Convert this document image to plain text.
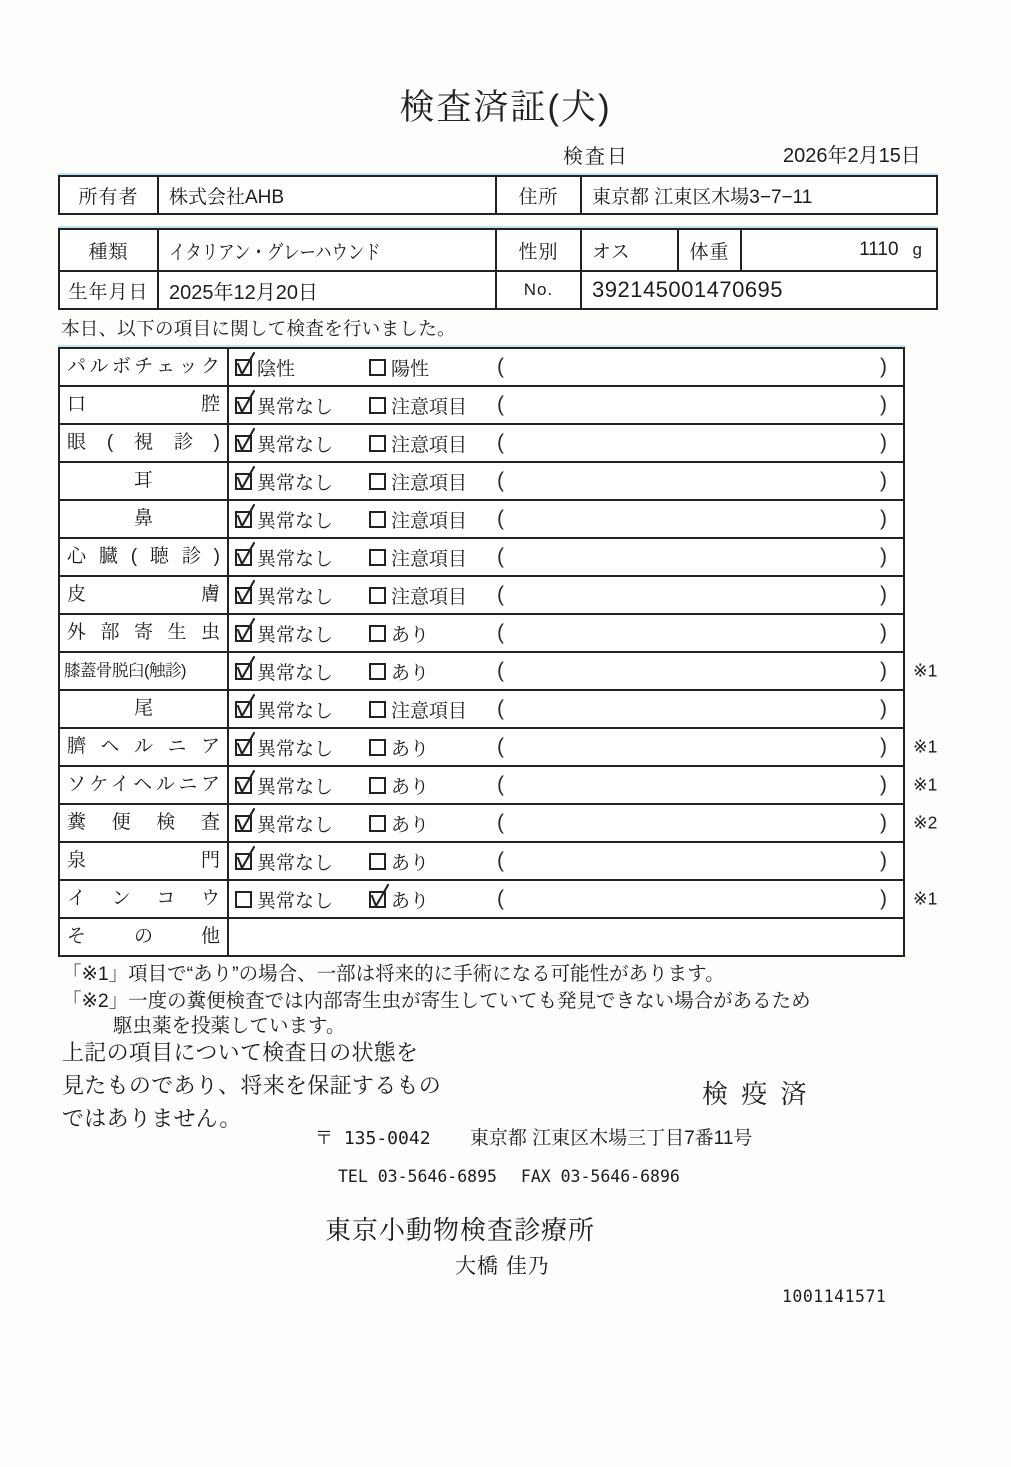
検査済証(犬)
検査日	2026年2月15日
所有者	株式会社AHB	住所	東京都 江東区木場3−7−11
種類	イタリアン・グレーハウンド	性別	オス	体重	1110 g
生年月日	2025年12月20日	No.	392145001470695
本日、以下の項目に関して検査を行いました。
パルボチェック	陰性	陽性	(	)
口腔	異常なし	注意項目	(	)
眼(視診)	異常なし	注意項目	(	)
耳	異常なし	注意項目	(	)
鼻	異常なし	注意項目	(	)
心臓(聴診)	異常なし	注意項目	(	)
皮膚	異常なし	注意項目	(	)
外部寄生虫	異常なし	あり	(	)
膝蓋骨脱臼(触診)	異常なし	あり	(	) ※1
尾	異常なし	注意項目	(	)
臍ヘルニア	異常なし	あり	(	) ※1
ソケイヘルニア	異常なし	あり	(	) ※1
糞便検査	異常なし	あり	(	) ※2
泉門	異常なし	あり	(	)
インコウ	異常なし	あり	(	) ※1
その他
「※1」項目で“あり”の場合、一部は将来的に手術になる可能性があります。
「※2」一度の糞便検査では内部寄生虫が寄生していても発見できない場合があるため
駆虫薬を投薬しています。
上記の項目について検査日の状態を
見たものであり、将来を保証するもの
ではありません。
検 疫 済
〒 135-0042 東京都 江東区木場三丁目7番11号
TEL 03-5646-6895 FAX 03-5646-6896
東京小動物検査診療所
大橋 佳乃
1001141571
